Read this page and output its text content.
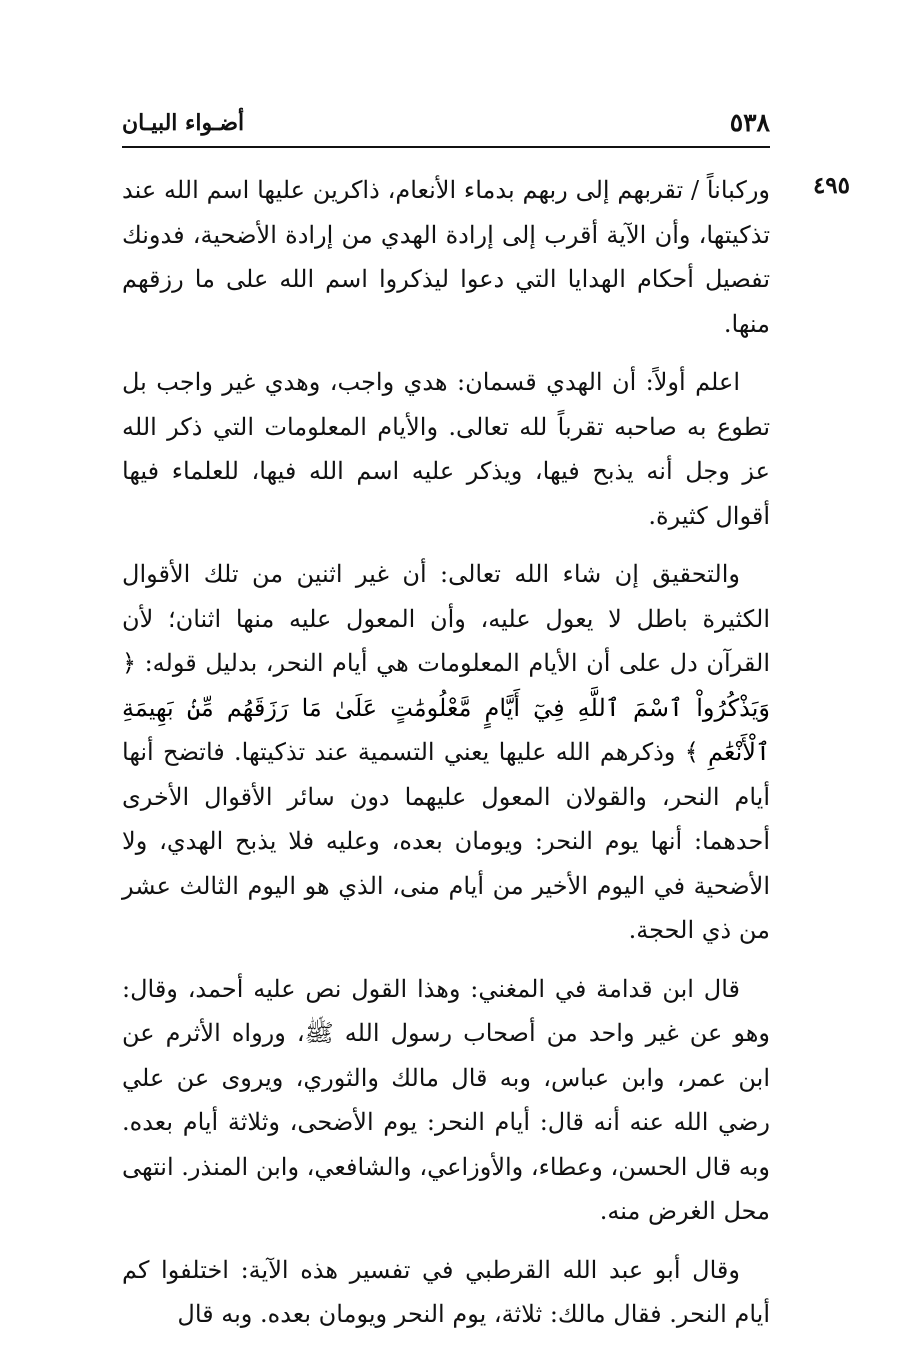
٥٣٨
أضـواء البيـان
٤٩٥

وركباناً / تقربهم إلى ربهم بدماء الأنعام، ذاكرين عليها اسم الله عند تذكيتها، وأن الآية أقرب إلى إرادة الهدي من إرادة الأضحية، فدونك تفصيل أحكام الهدايا التي دعوا ليذكروا اسم الله على ما رزقهم منها.

اعلم أولاً: أن الهدي قسمان: هدي واجب، وهدي غير واجب بل تطوع به صاحبه تقرباً لله تعالى. والأيام المعلومات التي ذكر الله عز وجل أنه يذبح فيها، ويذكر عليه اسم الله فيها، للعلماء فيها أقوال كثيرة.

والتحقيق إن شاء الله تعالى: أن غير اثنين من تلك الأقوال الكثيرة باطل لا يعول عليه، وأن المعول عليه منها اثنان؛ لأن القرآن دل على أن الأيام المعلومات هي أيام النحر، بدليل قوله: ﴿ وَيَذْكُرُواْ ٱسْمَ ٱللَّهِ فِيٓ أَيَّامٍ مَّعْلُومَٰتٍ عَلَىٰ مَا رَزَقَهُم مِّنۢ بَهِيمَةِ ٱلْأَنْعَٰمِ ﴾ وذكرهم الله عليها يعني التسمية عند تذكيتها. فاتضح أنها أيام النحر، والقولان المعول عليهما دون سائر الأقوال الأخرى أحدهما: أنها يوم النحر: ويومان بعده، وعليه فلا يذبح الهدي، ولا الأضحية في اليوم الأخير من أيام منى، الذي هو اليوم الثالث عشر من ذي الحجة.

قال ابن قدامة في المغني: وهذا القول نص عليه أحمد، وقال: وهو عن غير واحد من أصحاب رسول الله ﷺ، ورواه الأثرم عن ابن عمر، وابن عباس، وبه قال مالك والثوري، ويروى عن علي رضي الله عنه أنه قال: أيام النحر: يوم الأضحى، وثلاثة أيام بعده. وبه قال الحسن، وعطاء، والأوزاعي، والشافعي، وابن المنذر. انتهى محل الغرض منه.

وقال أبو عبد الله القرطبي في تفسير هذه الآية: اختلفوا كم أيام النحر. فقال مالك: ثلاثة، يوم النحر ويومان بعده. وبه قال
